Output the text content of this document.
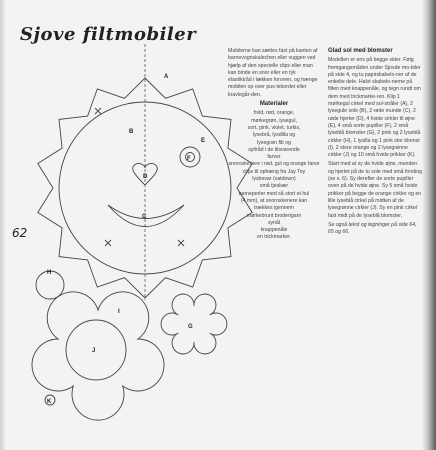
Sjove filtmobiler
62
A
B
C
D
E
F
G
H
I
J
K

Mobilerne kan sættes fast på kanten af barnevognskalechen eller vuggen ved hjælp af den specielle clips eller man kan binde en snor eller en tyk elastiktråd i lækken foroven, og hænge mobilen op over pus-lebordet eller kravlegår-den.

Materialer

hvid, rød, orange,
mørkegrøn, lysegul,
sort, pink, violet, turkis,
lysebrå, lysdilla og
lysegrøn filt og
syltråd i de tilsvarende
farver
snoroskenere i rød, gul og orange farve
clips til ophæng fra Jay Toy
lysbevar (vatdown)
små tjeskær
barneperler med så stort et hul
(4 mm), at snoroskenere kan
trækkes igennem
mørkebrunt broderigarn
synål
knappenåle
en trickmarker.

Glad sol med blomster

Modellen er ens på begge sider. Følg fremgangsmåden under Sjovde mo-biler på side 4, og tu papirskabelo-ner af de enkelte dele. Halvt skabelo-nerne på filten med knappenåle, og tegn rundt om dem med trickmarke-ren. Klip 1 mørkegul cirkel med sol-stråler (A), 2 lysegule sole (B), 2 røde munde (C), 2 røde hjerter (D), 4 hvide cirkler til øjne (E), 4 små sorte pupiller (F), 2 små lyseblå blomster (G), 2 pink og 2 lyseblå cirkler (H), 1 lysilla og 1 pink stor blomst (I), 2 store orange og 2 lysegrønne cirkler (J) og 10 små hvide prikker (K).

Start med at sy de hvide øjne, munden og hjertet på de to sole med små forsting (se s. 6). Sy derefter de sorte pupiller oven på de hvide øjne. Sy 5 små hvide prikker på begge de orange cirkler og en lille lyseblå cirkel på midten af de lysegrønne cirkler (J). Sy en pink cirkel fast midt på de lyseblå blomster.

Se også tekst og tegninger på side 64, 65 og 66.
